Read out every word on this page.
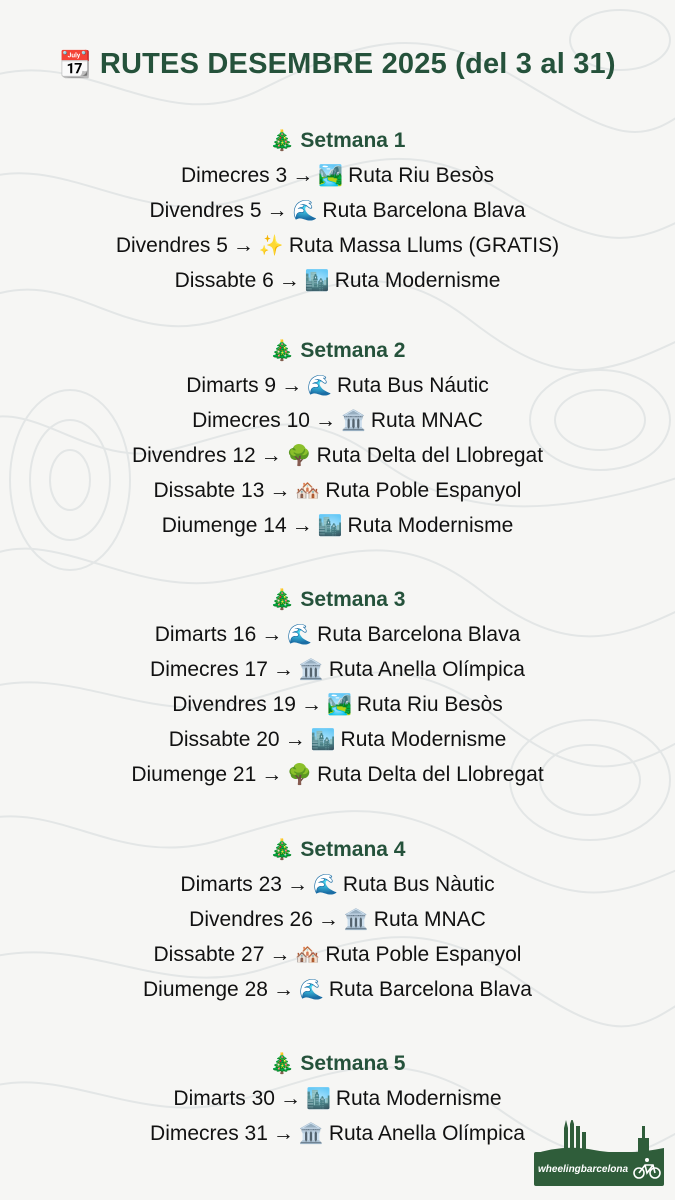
📆 RUTES DESEMBRE 2025 (del 3 al 31)
🎄 Setmana 1
Dimecres 3 → 🏞️ Ruta Riu Besòs
Divendres 5 → 🌊 Ruta Barcelona Blava
Divendres 5 → ✨ Ruta Massa Llums (GRATIS)
Dissabte 6 → 🏙️ Ruta Modernisme
🎄 Setmana 2
Dimarts 9 → 🌊 Ruta Bus Náutic
Dimecres 10 → 🏛️ Ruta MNAC
Divendres 12 → 🌳 Ruta Delta del Llobregat
Dissabte 13 → 🏘️ Ruta Poble Espanyol
Diumenge 14 → 🏙️ Ruta Modernisme
🎄 Setmana 3
Dimarts 16 → 🌊 Ruta Barcelona Blava
Dimecres 17 → 🏛️ Ruta Anella Olímpica
Divendres 19 → 🏞️ Ruta Riu Besòs
Dissabte 20 → 🏙️ Ruta Modernisme
Diumenge 21 → 🌳 Ruta Delta del Llobregat
🎄 Setmana 4
Dimarts 23 → 🌊 Ruta Bus Nàutic
Divendres 26 → 🏛️ Ruta MNAC
Dissabte 27 → 🏘️ Ruta Poble Espanyol
Diumenge 28 → 🌊 Ruta Barcelona Blava
🎄 Setmana 5
Dimarts 30 → 🏙️ Ruta Modernisme
Dimecres 31 → 🏛️ Ruta Anella Olímpica
wheelingbarcelona
